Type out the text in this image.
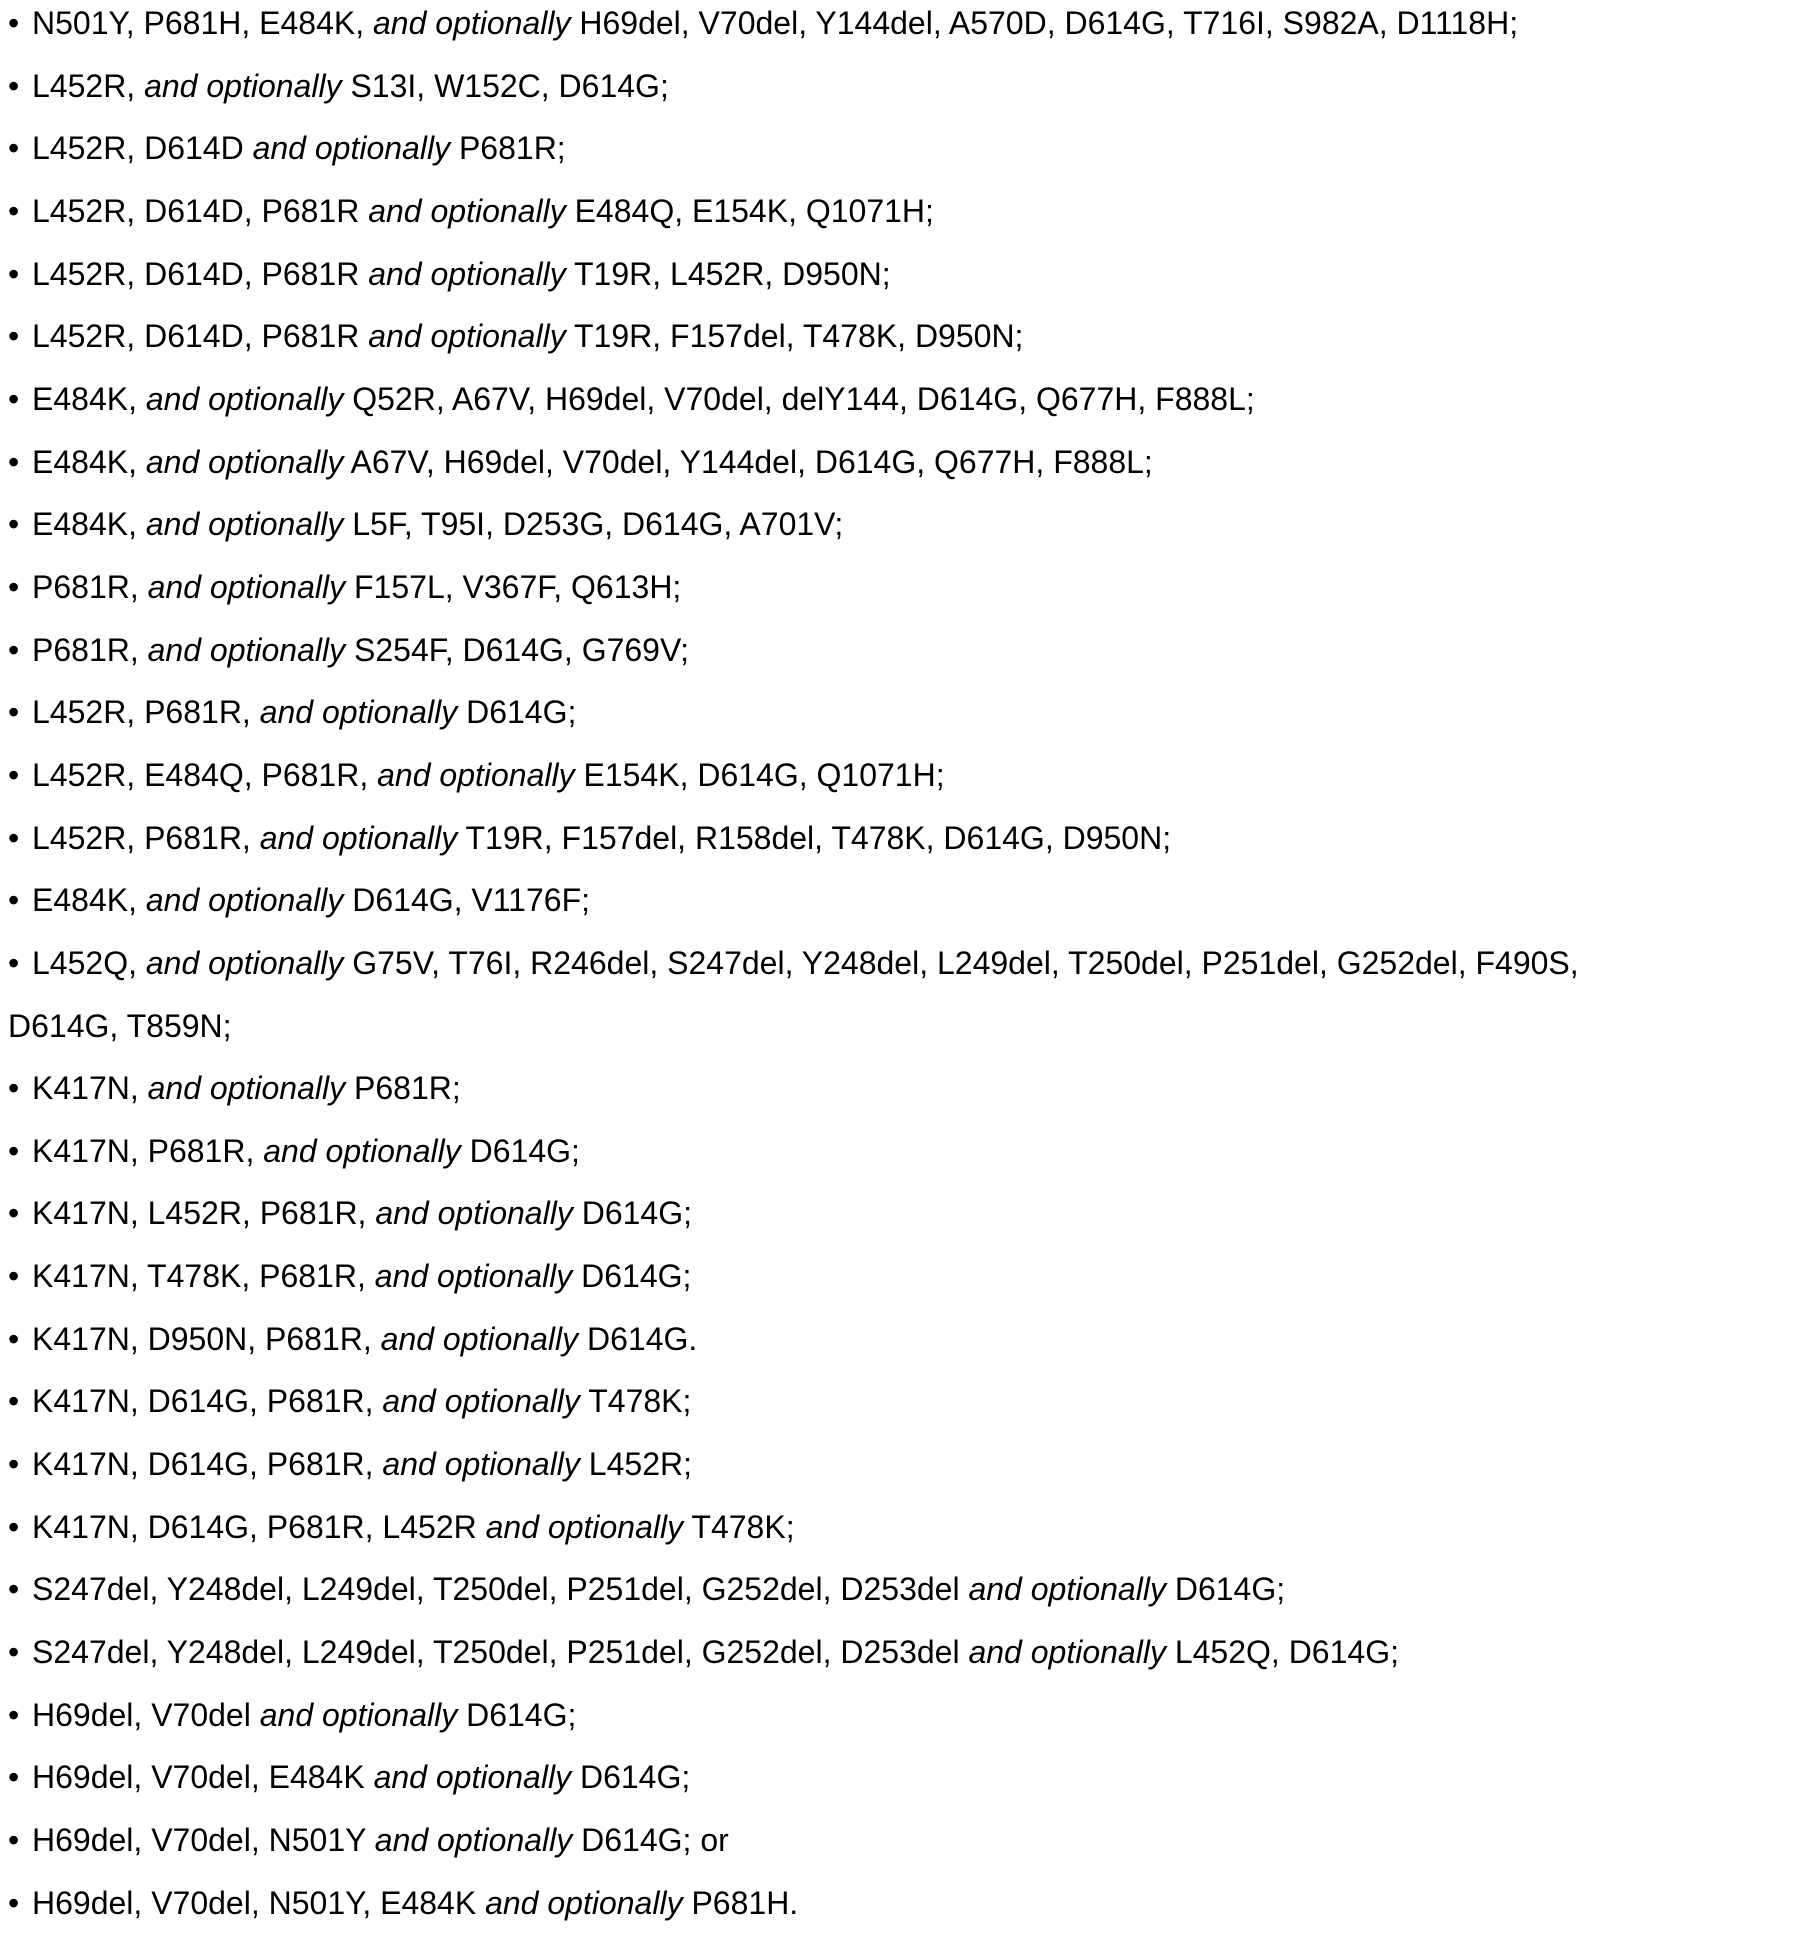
• N501Y, P681H, E484K, and optionally H69del, V70del, Y144del, A570D, D614G, T716I, S982A, D1118H;
• L452R, and optionally S13I, W152C, D614G;
• L452R, D614D and optionally P681R;
• L452R, D614D, P681R and optionally E484Q, E154K, Q1071H;
• L452R, D614D, P681R and optionally T19R, L452R, D950N;
• L452R, D614D, P681R and optionally T19R, F157del, T478K, D950N;
• E484K, and optionally Q52R, A67V, H69del, V70del, delY144, D614G, Q677H, F888L;
• E484K, and optionally A67V, H69del, V70del, Y144del, D614G, Q677H, F888L;
• E484K, and optionally L5F, T95I, D253G, D614G, A701V;
• P681R, and optionally F157L, V367F, Q613H;
• P681R, and optionally S254F, D614G, G769V;
• L452R, P681R, and optionally D614G;
• L452R, E484Q, P681R, and optionally E154K, D614G, Q1071H;
• L452R, P681R, and optionally T19R, F157del, R158del, T478K, D614G, D950N;
• E484K, and optionally D614G, V1176F;
• L452Q, and optionally G75V, T76I, R246del, S247del, Y248del, L249del, T250del, P251del, G252del, F490S,
D614G, T859N;
• K417N, and optionally P681R;
• K417N, P681R, and optionally D614G;
• K417N, L452R, P681R, and optionally D614G;
• K417N, T478K, P681R, and optionally D614G;
• K417N, D950N, P681R, and optionally D614G.
• K417N, D614G, P681R, and optionally T478K;
• K417N, D614G, P681R, and optionally L452R;
• K417N, D614G, P681R, L452R and optionally T478K;
• S247del, Y248del, L249del, T250del, P251del, G252del, D253del and optionally D614G;
• S247del, Y248del, L249del, T250del, P251del, G252del, D253del and optionally L452Q, D614G;
• H69del, V70del and optionally D614G;
• H69del, V70del, E484K and optionally D614G;
• H69del, V70del, N501Y and optionally D614G; or
• H69del, V70del, N501Y, E484K and optionally P681H.
